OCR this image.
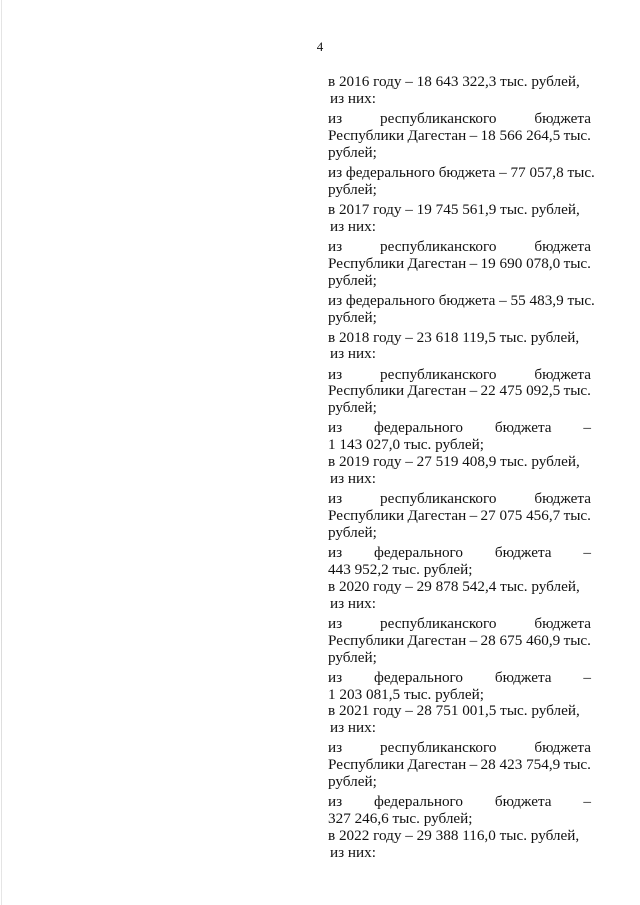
4
в 2016 году – 18 643 322,3 тыс. рублей,
из них:
из республиканского бюджета
Республики Дагестан – 18 566 264,5 тыс.
рублей;
из федерального бюджета – 77 057,8 тыс.
рублей;
в 2017 году – 19 745 561,9 тыс. рублей,
из них:
из республиканского бюджета
Республики Дагестан – 19 690 078,0 тыс.
рублей;
из федерального бюджета – 55 483,9 тыс.
рублей;
в 2018 году – 23 618 119,5 тыс. рублей,
из них:
из республиканского бюджета
Республики Дагестан – 22 475 092,5 тыс.
рублей;
из федерального бюджета –
1 143 027,0 тыс. рублей;
в 2019 году – 27 519 408,9 тыс. рублей,
из них:
из республиканского бюджета
Республики Дагестан – 27 075 456,7 тыс.
рублей;
из федерального бюджета –
443 952,2 тыс. рублей;
в 2020 году – 29 878 542,4 тыс. рублей,
из них:
из республиканского бюджета
Республики Дагестан – 28 675 460,9 тыс.
рублей;
из федерального бюджета –
1 203 081,5 тыс. рублей;
в 2021 году – 28 751 001,5 тыс. рублей,
из них:
из республиканского бюджета
Республики Дагестан – 28 423 754,9 тыс.
рублей;
из федерального бюджета –
327 246,6 тыс. рублей;
в 2022 году – 29 388 116,0 тыс. рублей,
из них:
